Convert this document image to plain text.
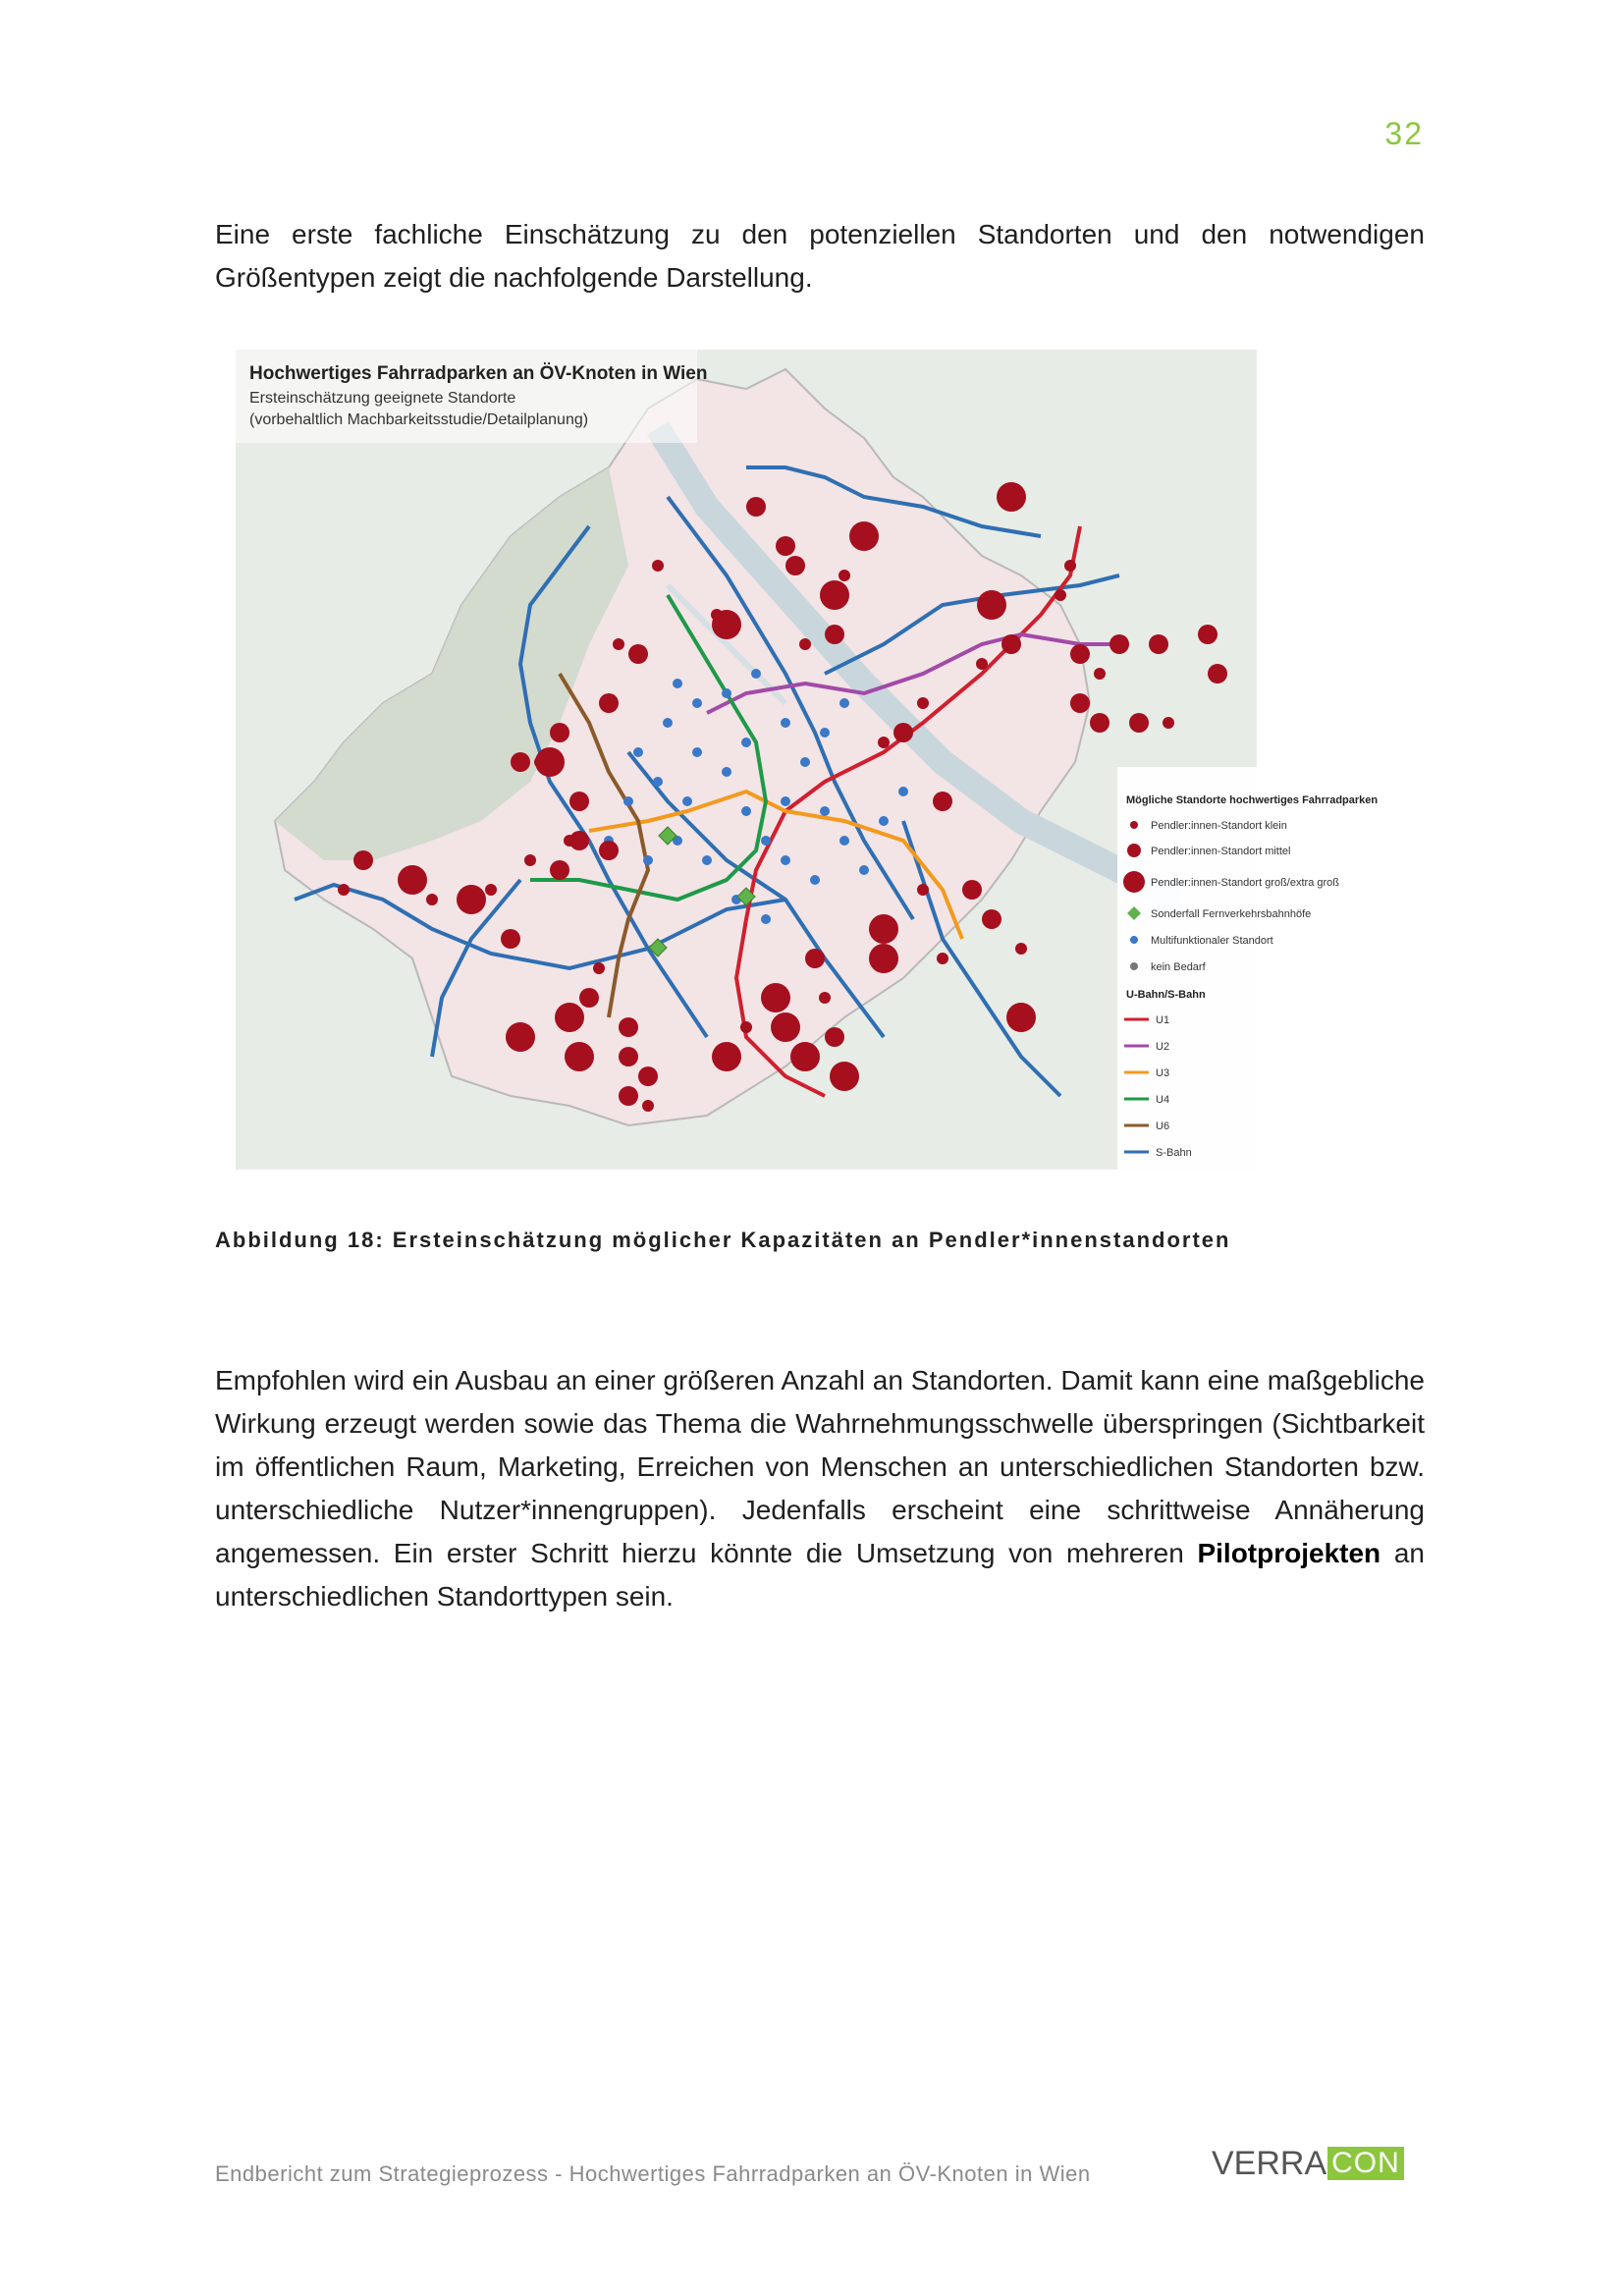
32

Eine erste fachliche Einschätzung zu den potenziellen Standorten und den notwendigen Größentypen zeigt die nachfolgende Darstellung.

Hochwertiges Fahrradparken an ÖV-Knoten in Wien
Ersteinschätzung geeignete Standorte
(vorbehaltlich Machbarkeitsstudie/Detailplanung)
Mögliche Standorte hochwertiges Fahrradparken
Pendler:innen-Standort klein
Pendler:innen-Standort mittel
Pendler:innen-Standort groß/extra groß
Sonderfall Fernverkehrsbahnhöfe
Multifunktionaler Standort
kein Bedarf
U-Bahn/S-Bahn
U1
U2
U3
U4
U6
S-Bahn
Abbildung 18: Ersteinschätzung möglicher Kapazitäten an Pendler*innenstandorten

Empfohlen wird ein Ausbau an einer größeren Anzahl an Standorten. Damit kann eine maßgebliche Wirkung erzeugt werden sowie das Thema die Wahrnehmungsschwelle überspringen (Sichtbarkeit im öffentlichen Raum, Marketing, Erreichen von Menschen an unterschiedlichen Standorten bzw. unterschiedliche Nutzer*innengruppen). Jedenfalls erscheint eine schrittweise Annäherung angemessen. Ein erster Schritt hierzu könnte die Umsetzung von mehreren Pilotprojekten an unterschiedlichen Standorttypen sein.

Endbericht zum Strategieprozess - Hochwertiges Fahrradparken an ÖV-Knoten in Wien	VERRA CON
